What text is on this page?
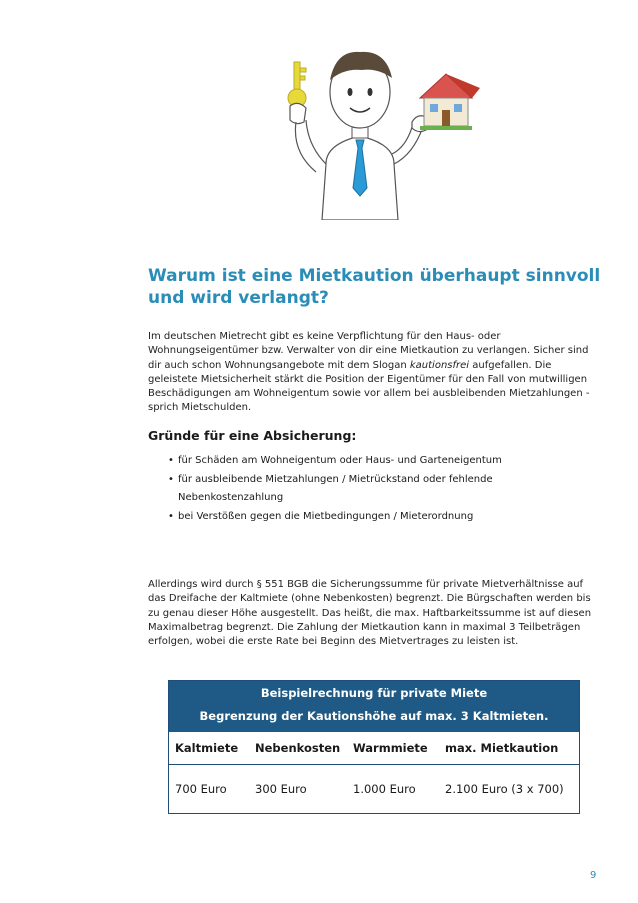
Warum ist eine Mietkaution überhaupt sinnvoll
und wird verlangt?

Im deutschen Mietrecht gibt es keine Verpflichtung für den Haus- oder Wohnungseigentümer bzw. Verwalter von dir eine Mietkaution zu verlangen. Sicher sind dir auch schon Wohnungsangebote mit dem Slogan kautionsfrei aufgefallen. Die geleistete Mietsicherheit stärkt die Position der Eigentümer für den Fall von mutwilligen Beschädigungen am Wohneigentum sowie vor allem bei ausbleibenden Mietzahlungen - sprich Mietschulden.

Gründe für eine Absicherung:
• für Schäden am Wohneigentum oder Haus- und Garteneigentum
• für ausbleibende Mietzahlungen / Mietrückstand oder fehlende
Nebenkostenzahlung
• bei Verstößen gegen die Mietbedingungen / Mieterordnung

Allerdings wird durch § 551 BGB die Sicherungssumme für private Mietverhältnisse auf das Dreifache der Kaltmiete (ohne Nebenkosten) begrenzt. Die Bürgschaften werden bis zu genau dieser Höhe ausgestellt. Das heißt, die max. Haftbarkeitssumme ist auf diesen Maximalbetrag begrenzt. Die Zahlung der Mietkaution kann in maximal 3 Teilbeträgen erfolgen, wobei die erste Rate bei Beginn des Mietvertrages zu leisten ist.

Beispielrechnung für private Miete
Begrenzung der Kautionshöhe auf max. 3 Kaltmieten.
Kaltmiete	Nebenkosten	Warmmiete	max. Mietkaution
700 Euro	300 Euro	1.000 Euro	2.100 Euro (3 x 700)
9
